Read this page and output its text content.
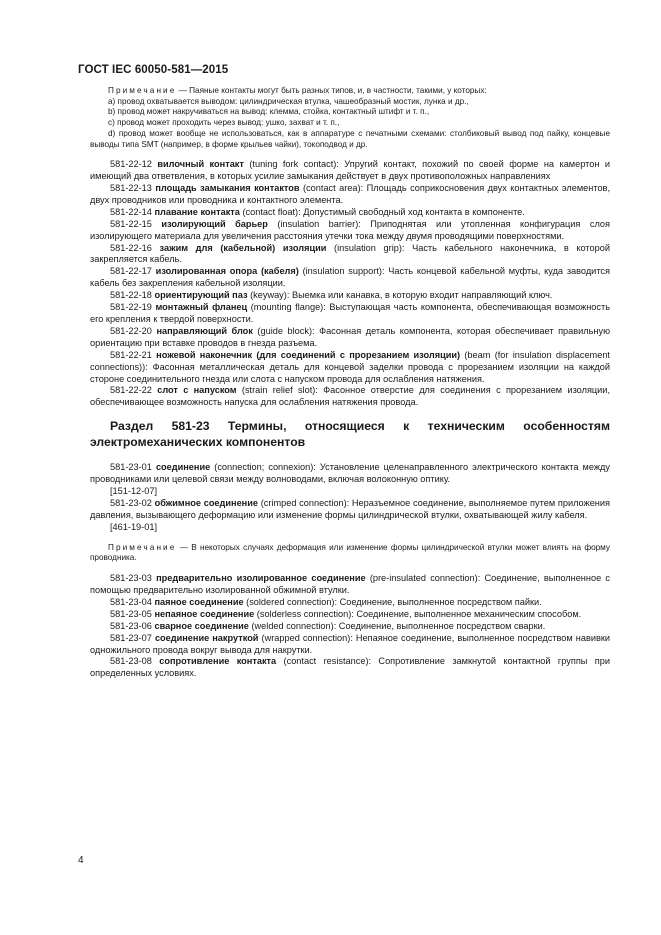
ГОСТ IEC 60050-581—2015

Примечание — Паяные контакты могут быть разных типов, и, в частности, такими, у которых:

a) провод охватывается выводом: цилиндрическая втулка, чашеобразный мостик, лунка и др.,

b) провод может накручиваться на вывод: клемма, стойка, контактный штифт и т. п.,

c) провод может проходить через вывод: ушко, захват и т. п.,

d) провод может вообще не использоваться, как в аппаратуре с печатными схемами: столбиковый вывод под пайку, концевые выводы типа SMT (например, в форме крыльев чайки), токоподвод и др.

581-22-12 вилочный контакт (tuning fork contact): Упругий контакт, похожий по своей форме на камертон и имеющий два ответвления, в которых усилие замыкания действует в двух противоположных направлениях

581-22-13 площадь замыкания контактов (contact area): Площадь соприкосновения двух контактных элементов, двух проводников или проводника и контактного элемента.

581-22-14 плавание контакта (contact float): Допустимый свободный ход контакта в компоненте.

581-22-15 изолирующий барьер (insulation barrier): Приподнятая или утопленная конфигурация слоя изолирующего материала для увеличения расстояния утечки тока между двумя проводящими поверхностями.

581-22-16 зажим для (кабельной) изоляции (insulation grip): Часть кабельного наконечника, в которой закрепляется кабель.

581-22-17 изолированная опора (кабеля) (insulation support): Часть концевой кабельной муфты, куда заводится кабель без закрепления кабельной изоляции.

581-22-18 ориентирующий паз (keyway): Выемка или канавка, в которую входит направляющий ключ.

581-22-19 монтажный фланец (mounting flange): Выступающая часть компонента, обеспечивающая возможность его крепления к твердой поверхности.

581-22-20 направляющий блок (guide block): Фасонная деталь компонента, которая обеспечивает правильную ориентацию при вставке проводов в гнезда разъема.

581-22-21 ножевой наконечник (для соединений с прорезанием изоляции) (beam (for insulation displacement connections)): Фасонная металлическая деталь для концевой заделки провода с прорезанием изоляции на каждой стороне соединительного гнезда или слота с напуском провода для ослабления натяжения.

581-22-22 слот с напуском (strain relief slot): Фасонное отверстие для соединения с прорезанием изоляции, обеспечивающее возможность напуска для ослабления натяжения провода.

Раздел 581-23 Термины, относящиеся к техническим особенностям электромеханических компонентов

581-23-01 соединение (connection; connexion): Установление целенаправленного электрического контакта между проводниками или целевой связи между волноводами, включая волоконную оптику.

[151-12-07]

581-23-02 обжимное соединение (crimped connection): Неразъемное соединение, выполняемое путем приложения давления, вызывающего деформацию или изменение формы цилиндрической втулки, охватывающей жилу кабеля.

[461-19-01]

Примечание — В некоторых случаях деформация или изменение формы цилиндрической втулки может влиять на форму проводника.

581-23-03 предварительно изолированное соединение (pre-insulated connection): Соединение, выполненное с помощью предварительно изолированной обжимной втулки.

581-23-04 паяное соединение (soldered connection): Соединение, выполненное посредством пайки.

581-23-05 непаяное соединение (solderless connection): Соединение, выполненное механическим способом.

581-23-06 сварное соединение (welded connection): Соединение, выполненное посредством сварки.

581-23-07 соединение накруткой (wrapped connection): Непаяное соединение, выполненное посредством навивки одножильного провода вокруг вывода для накрутки.

581-23-08 сопротивление контакта (contact resistance): Сопротивление замкнутой контактной группы при определенных условиях.

4
